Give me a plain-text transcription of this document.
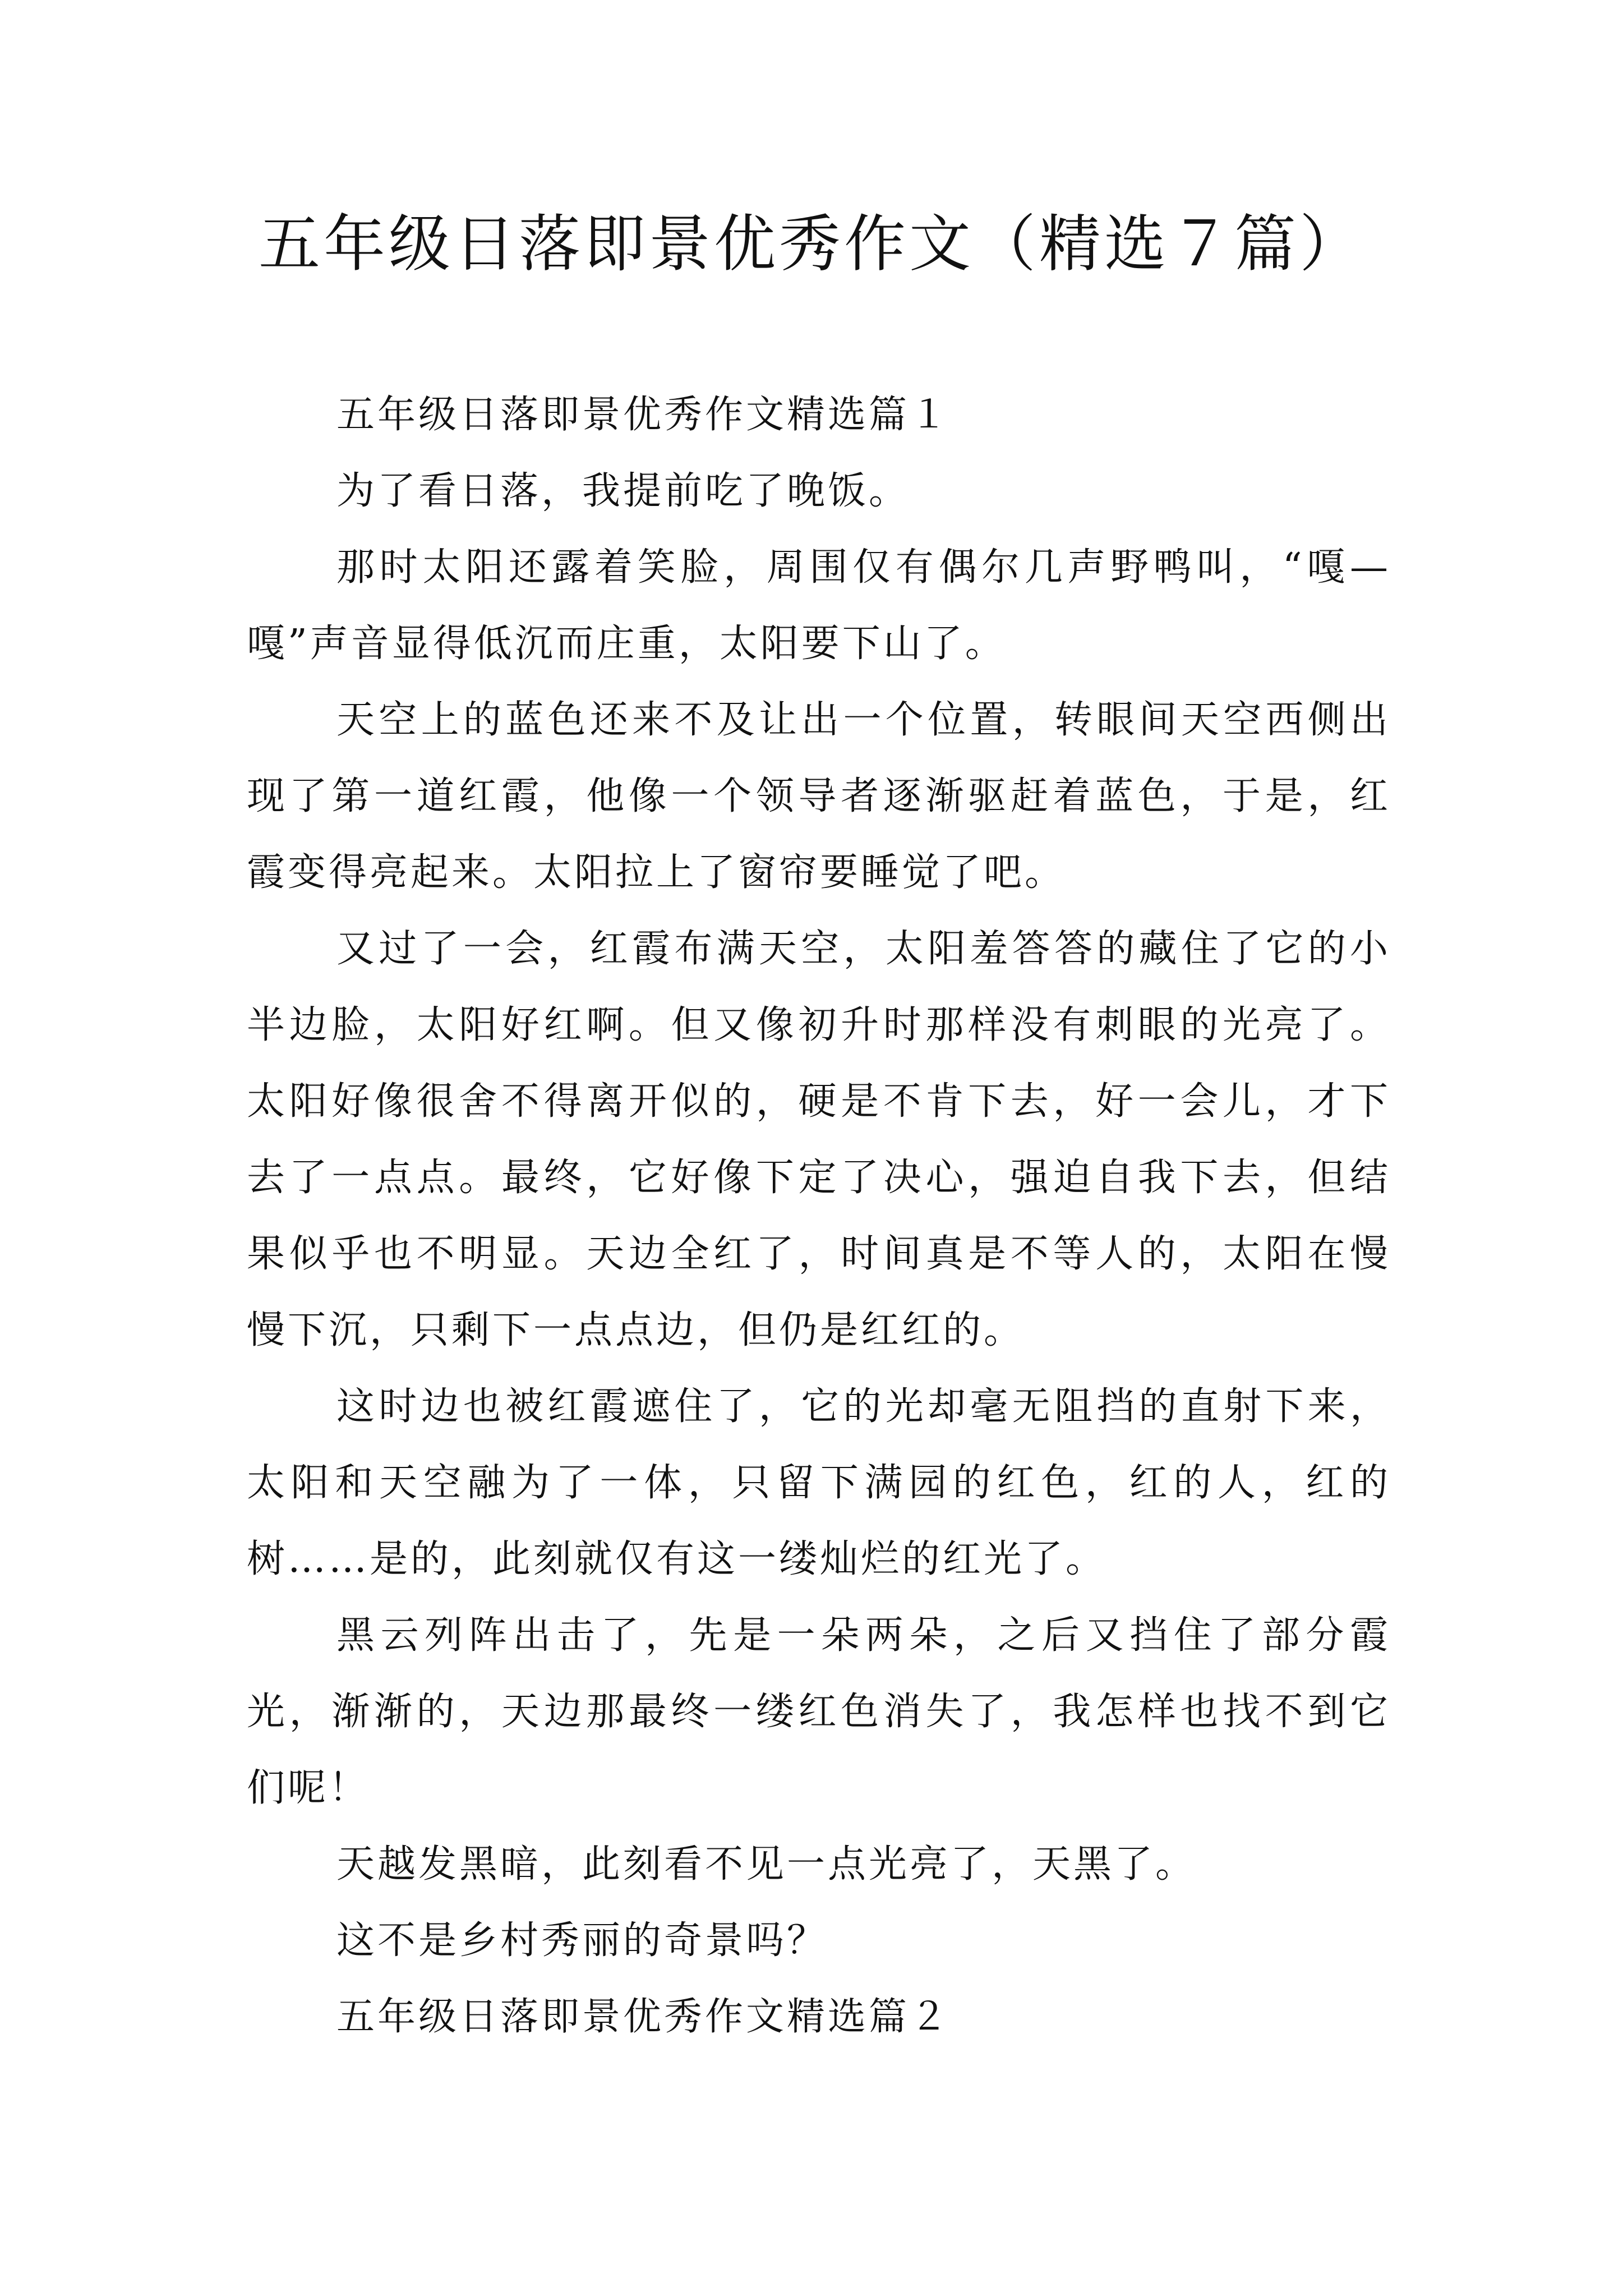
五年级日落即景优秀作文（精选７篇）

五年级日落即景优秀作文精选篇１

为了看日落，我提前吃了晚饭。

那时太阳还露着笑脸，周围仅有偶尔几声野鸭叫，“嘎—嘎”声音显得低沉而庄重，太阳要下山了。

天空上的蓝色还来不及让出一个位置，转眼间天空西侧出现了第一道红霞，他像一个领导者逐渐驱赶着蓝色，于是，红霞变得亮起来。太阳拉上了窗帘要睡觉了吧。

又过了一会，红霞布满天空，太阳羞答答的藏住了它的小半边脸，太阳好红啊。但又像初升时那样没有刺眼的光亮了。太阳好像很舍不得离开似的，硬是不肯下去，好一会儿，才下去了一点点。最终，它好像下定了决心，强迫自我下去，但结果似乎也不明显。天边全红了，时间真是不等人的，太阳在慢慢下沉，只剩下一点点边，但仍是红红的。

这时边也被红霞遮住了，它的光却毫无阻挡的直射下来，太阳和天空融为了一体，只留下满园的红色，红的人，红的树……是的，此刻就仅有这一缕灿烂的红光了。

黑云列阵出击了，先是一朵两朵，之后又挡住了部分霞光，渐渐的，天边那最终一缕红色消失了，我怎样也找不到它们呢！

天越发黑暗，此刻看不见一点光亮了，天黑了。

这不是乡村秀丽的奇景吗？

五年级日落即景优秀作文精选篇２
